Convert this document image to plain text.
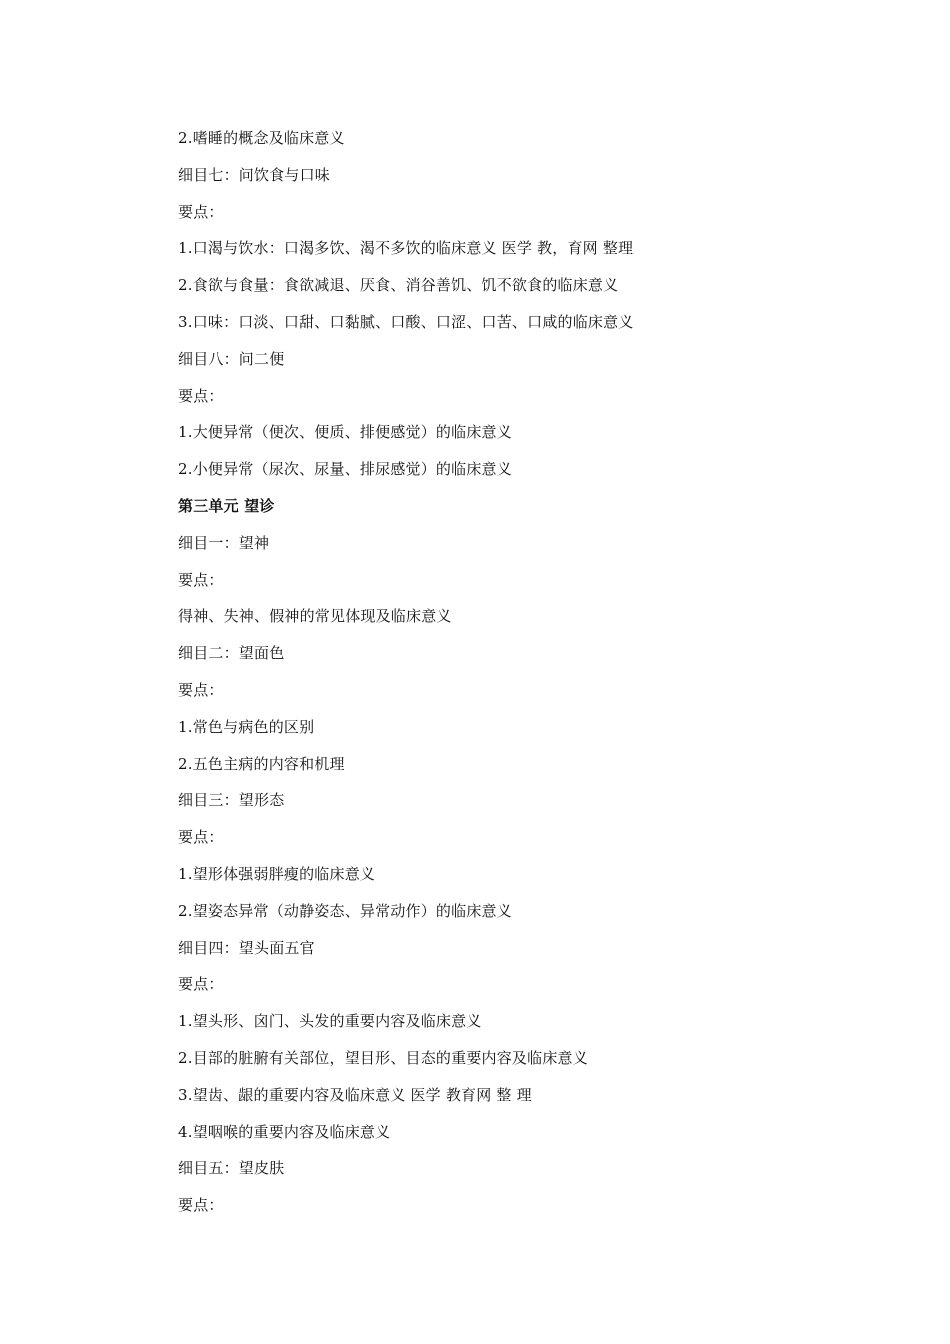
2.嗜睡的概念及临床意义
细目七：问饮食与口味
要点：
1.口渴与饮水：口渴多饮、渴不多饮的临床意义 医学 教，育网 整理
2.食欲与食量：食欲减退、厌食、消谷善饥、饥不欲食的临床意义
3.口味：口淡、口甜、口黏腻、口酸、口涩、口苦、口咸的临床意义
细目八：问二便
要点：
1.大便异常（便次、便质、排便感觉）的临床意义
2.小便异常（尿次、尿量、排尿感觉）的临床意义
第三单元 望诊
细目一：望神
要点：
得神、失神、假神的常见体现及临床意义
细目二：望面色
要点：
1.常色与病色的区别
2.五色主病的内容和机理
细目三：望形态
要点：
1.望形体强弱胖瘦的临床意义
2.望姿态异常（动静姿态、异常动作）的临床意义
细目四：望头面五官
要点：
1.望头形、囟门、头发的重要内容及临床意义
2.目部的脏腑有关部位，望目形、目态的重要内容及临床意义
3.望齿、龈的重要内容及临床意义 医学 教育网 整 理
4.望咽喉的重要内容及临床意义
细目五：望皮肤
要点：
